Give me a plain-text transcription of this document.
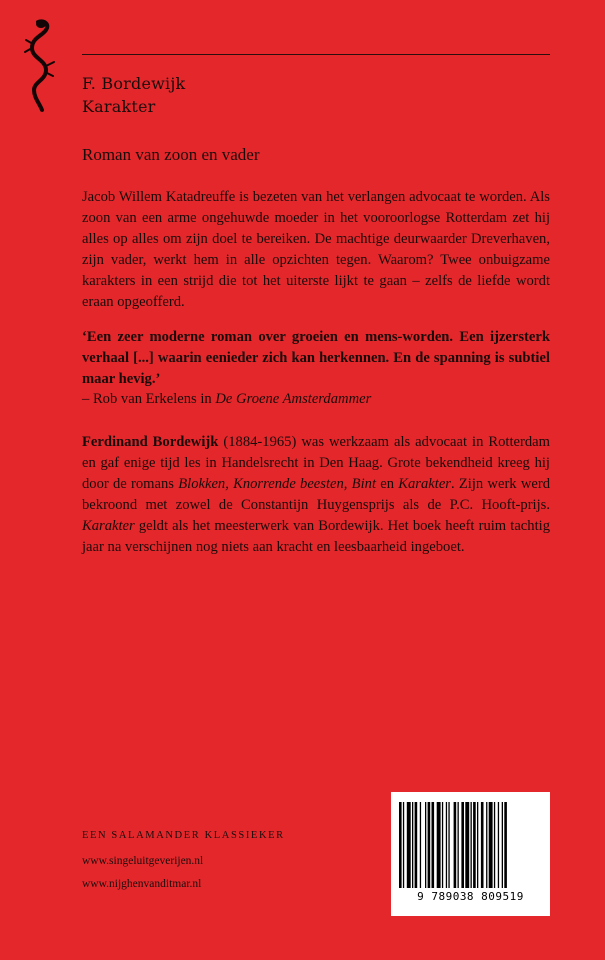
F. Bordewijk
Karakter
Roman van zoon en vader
Jacob Willem Katadreuffe is bezeten van het verlangen advocaat te worden. Als zoon van een arme ongehuwde moeder in het vooroorlogse Rotterdam zet hij alles op alles om zijn doel te bereiken. De machtige deurwaarder Dreverhaven, zijn vader, werkt hem in alle opzichten tegen. Waarom? Twee onbuigzame karakters in een strijd die tot het uiterste lijkt te gaan – zelfs de liefde wordt eraan opgeofferd.
‘Een zeer moderne roman over groeien en mens-worden. Een ijzersterk verhaal [...] waarin eenieder zich kan herkennen. En de spanning is subtiel maar hevig.’
– Rob van Erkelens in De Groene Amsterdammer
Ferdinand Bordewijk (1884-1965) was werkzaam als advocaat in Rotterdam en gaf enige tijd les in Handelsrecht in Den Haag. Grote bekendheid kreeg hij door de romans Blokken, Knorrende beesten, Bint en Karakter. Zijn werk werd bekroond met zowel de Constantijn Huygensprijs als de P.C. Hooft-prijs. Karakter geldt als het meesterwerk van Bordewijk. Het boek heeft ruim tachtig jaar na verschijnen nog niets aan kracht en leesbaarheid ingeboet.
EEN SALAMANDER KLASSIEKER
www.singeluitgeverijen.nl
www.nijghenvanditmar.nl
9 789038 809519
